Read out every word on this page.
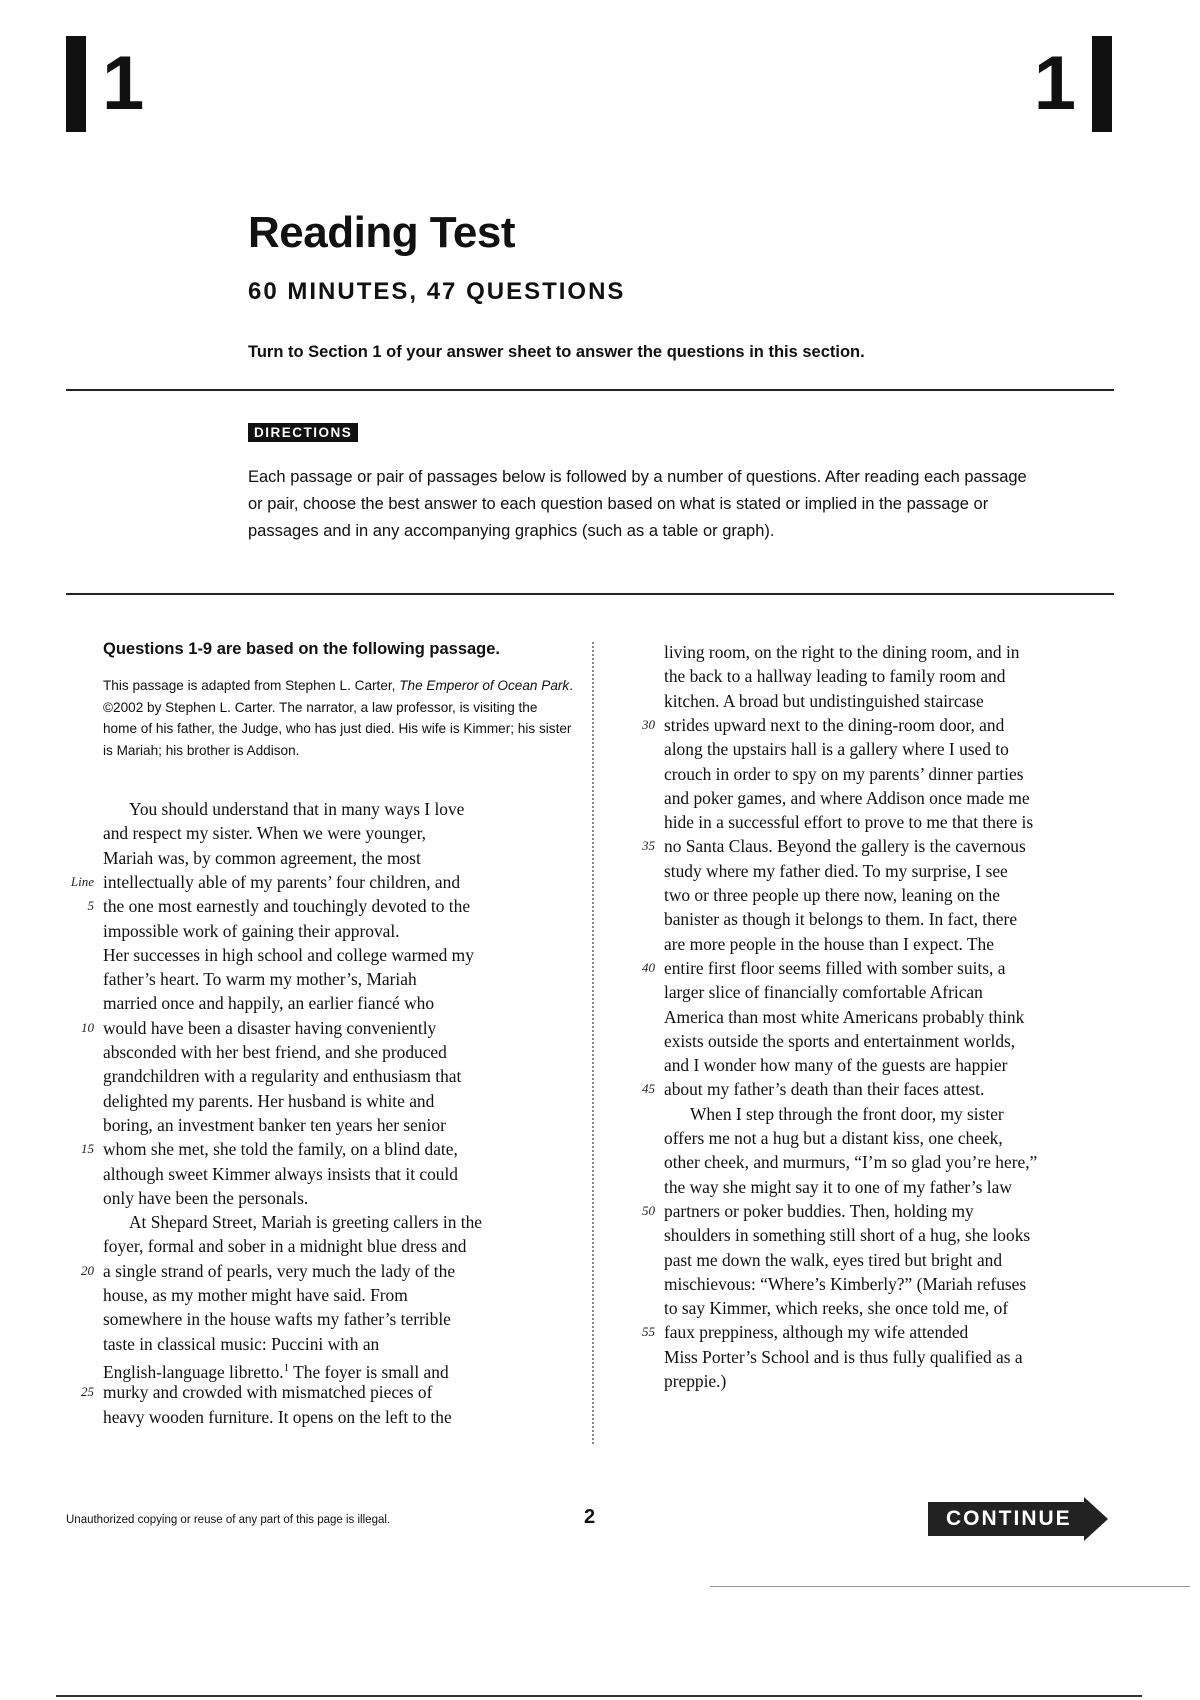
1	1
Reading Test
60 MINUTES, 47 QUESTIONS
Turn to Section 1 of your answer sheet to answer the questions in this section.
DIRECTIONS
Each passage or pair of passages below is followed by a number of questions. After reading each passage or pair, choose the best answer to each question based on what is stated or implied in the passage or passages and in any accompanying graphics (such as a table or graph).
Questions 1-9 are based on the following passage.
This passage is adapted from Stephen L. Carter, The Emperor of Ocean Park. ©2002 by Stephen L. Carter. The narrator, a law professor, is visiting the home of his father, the Judge, who has just died. His wife is Kimmer; his sister is Mariah; his brother is Addison.
You should understand that in many ways I love
and respect my sister. When we were younger,
Mariah was, by common agreement, the most
Line intellectually able of my parents’ four children, and
5 the one most earnestly and touchingly devoted to the
impossible work of gaining their approval.
Her successes in high school and college warmed my
father’s heart. To warm my mother’s, Mariah
married once and happily, an earlier fiancé who
10 would have been a disaster having conveniently
absconded with her best friend, and she produced
grandchildren with a regularity and enthusiasm that
delighted my parents. Her husband is white and
boring, an investment banker ten years her senior
15 whom she met, she told the family, on a blind date,
although sweet Kimmer always insists that it could
only have been the personals.
At Shepard Street, Mariah is greeting callers in the
foyer, formal and sober in a midnight blue dress and
20 a single strand of pearls, very much the lady of the
house, as my mother might have said. From
somewhere in the house wafts my father’s terrible
taste in classical music: Puccini with an
English-language libretto.$^1$ The foyer is small and
25 murky and crowded with mismatched pieces of
heavy wooden furniture. It opens on the left to the
living room, on the right to the dining room, and in
the back to a hallway leading to family room and
kitchen. A broad but undistinguished staircase
30 strides upward next to the dining-room door, and
along the upstairs hall is a gallery where I used to
crouch in order to spy on my parents’ dinner parties
and poker games, and where Addison once made me
hide in a successful effort to prove to me that there is
35 no Santa Claus. Beyond the gallery is the cavernous
study where my father died. To my surprise, I see
two or three people up there now, leaning on the
banister as though it belongs to them. In fact, there
are more people in the house than I expect. The
40 entire first floor seems filled with somber suits, a
larger slice of financially comfortable African
America than most white Americans probably think
exists outside the sports and entertainment worlds,
and I wonder how many of the guests are happier
45 about my father’s death than their faces attest.
When I step through the front door, my sister
offers me not a hug but a distant kiss, one cheek,
other cheek, and murmurs, “I’m so glad you’re here,”
the way she might say it to one of my father’s law
50 partners or poker buddies. Then, holding my
shoulders in something still short of a hug, she looks
past me down the walk, eyes tired but bright and
mischievous: “Where’s Kimberly?” (Mariah refuses
to say Kimmer, which reeks, she once told me, of
55 faux preppiness, although my wife attended
Miss Porter’s School and is thus fully qualified as a
preppie.)
Unauthorized copying or reuse of any part of this page is illegal.	2	CONTINUE
